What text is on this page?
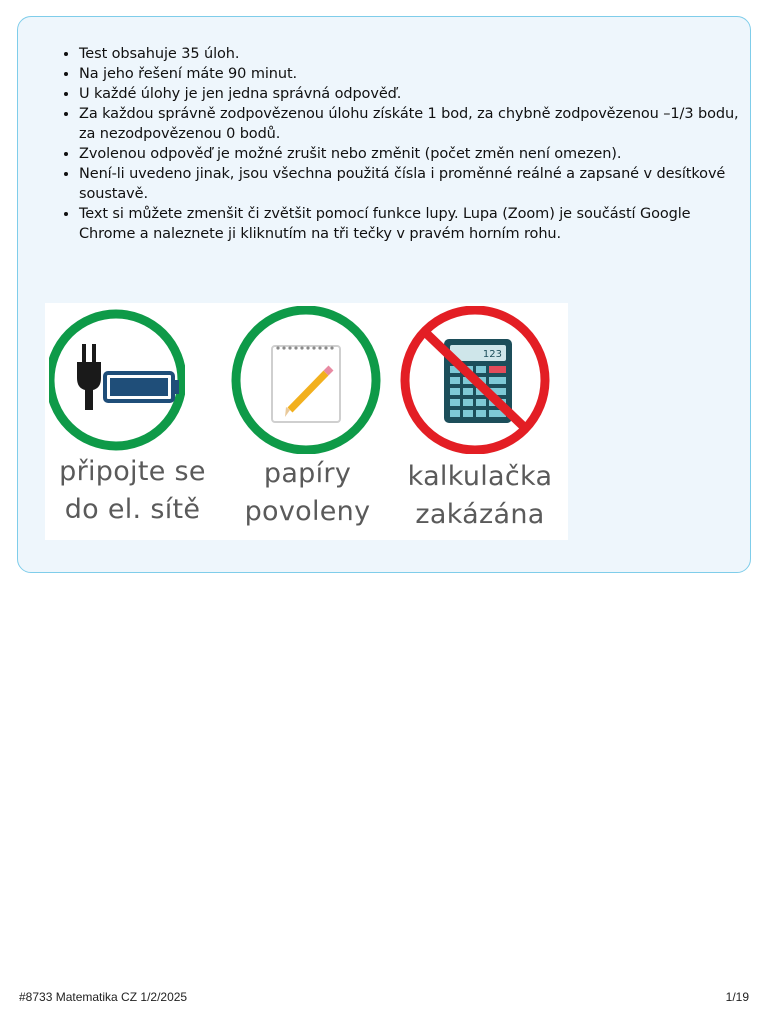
• Test obsahuje 35 úloh.
• Na jeho řešení máte 90 minut.
• U každé úlohy je jen jedna správná odpověď.
• Za každou správně zodpovězenou úlohu získáte 1 bod, za chybně zodpovězenou –1/3 bodu, za nezodpovězenou 0 bodů.
• Zvolenou odpověď je možné zrušit nebo změnit (počet změn není omezen).
• Není-li uvedeno jinak, jsou všechna použitá čísla i proměnné reálné a zapsané v desítkové soustavě.
• Text si můžete zmenšit či zvětšit pomocí funkce lupy. Lupa (Zoom) je součástí Google Chrome a naleznete ji kliknutím na tři tečky v pravém horním rohu.
123
připojte se
do el. sítě
papíry
povoleny
kalkulačka
zakázána
#8733 Matematika CZ 1/2/2025	1/19
